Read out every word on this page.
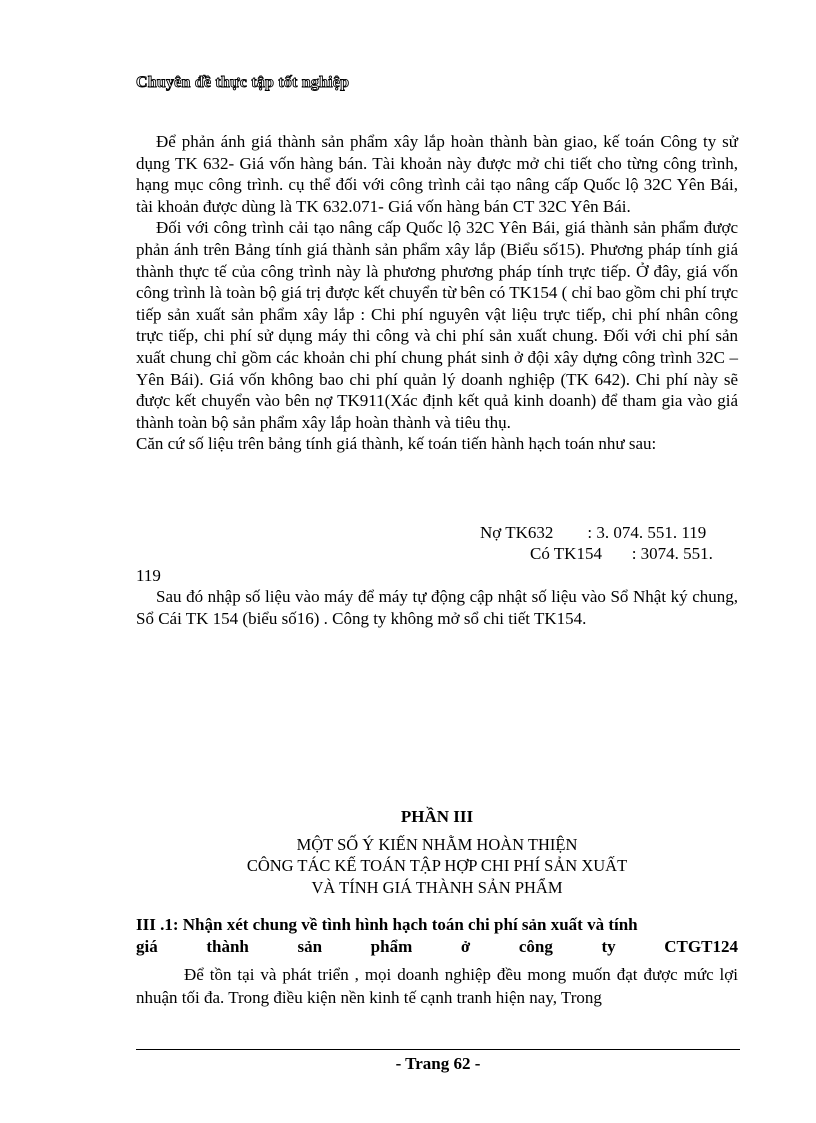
Chuyên đề thực tập tốt nghiệp

Để phản ánh giá thành sản phẩm xây lắp hoàn thành bàn giao, kế toán Công ty sử dụng TK 632- Giá vốn hàng bán. Tài khoản này được mở chi tiết cho từng công trình, hạng mục công trình. cụ thể đối với công trình cải tạo nâng cấp Quốc lộ 32C Yên Bái, tài khoản được dùng là TK 632.071- Giá vốn hàng bán CT 32C Yên Bái.

Đối với công trình cải tạo nâng cấp Quốc lộ 32C Yên Bái, giá thành sản phẩm được phản ánh trên Bảng tính giá thành sản phẩm xây lắp (Biểu số15). Phương pháp tính giá thành thực tế của công trình này là phương phương pháp tính trực tiếp. Ở đây, giá vốn công trình là toàn bộ giá trị được kết chuyển từ bên có TK154 ( chỉ bao gồm chi phí trực tiếp sản xuất sản phẩm xây lắp : Chi phí nguyên vật liệu trực tiếp, chi phí nhân công trực tiếp, chi phí sử dụng máy thi công và chi phí sản xuất chung. Đối với chi phí sản xuất chung chỉ gồm các khoản chi phí chung phát sinh ở đội xây dựng công trình 32C – Yên Bái). Giá vốn không bao chi phí quản lý doanh nghiệp (TK 642). Chi phí này sẽ được kết chuyển vào bên nợ TK911(Xác định kết quả kinh doanh) để tham gia vào giá thành toàn bộ sản phẩm xây lắp hoàn thành và tiêu thụ.

Căn cứ số liệu trên bảng tính giá thành, kế toán tiến hành hạch toán như sau:

Nợ TK632        : 3. 074. 551. 119
Có TK154       : 3074. 551.
119

Sau đó nhập số liệu vào máy để máy tự động cập nhật số liệu vào Sổ Nhật ký chung, Sổ Cái TK 154 (biểu số16) . Công ty không mở sổ chi tiết TK154.

PHẦN III
MỘT SỐ Ý KIẾN NHẰM HOÀN THIỆN
CÔNG TÁC KẾ TOÁN TẬP HỢP CHI PHÍ SẢN XUẤT
VÀ TÍNH GIÁ THÀNH SẢN PHẨM
III .1: Nhận xét chung về tình hình hạch toán chi phí sản xuất và tính
giá	thành	sản	phẩm	ở	công	ty	CTGT124

Để tồn tại và phát triển , mọi doanh nghiệp đều mong muốn đạt được mức lợi nhuận tối đa. Trong điều kiện nền kinh tế cạnh tranh hiện nay, Trong

- Trang 62 -
